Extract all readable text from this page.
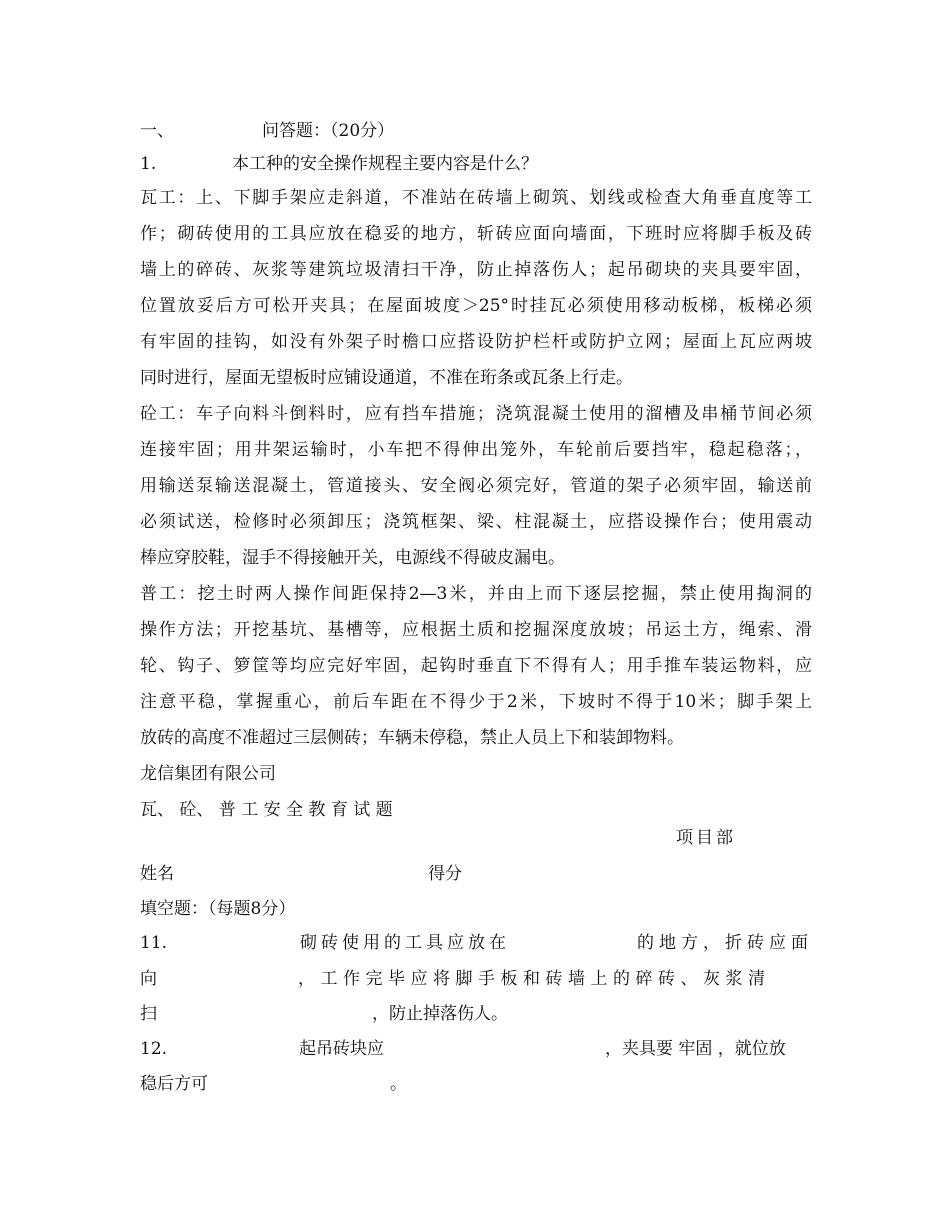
一、	问答题：（20分）
1.	本工种的安全操作规程主要内容是什么？
瓦工：上、下脚手架应走斜道，不准站在砖墙上砌筑、划线或检查大角垂直度等工
作；砌砖使用的工具应放在稳妥的地方，斩砖应面向墙面，下班时应将脚手板及砖
墙上的碎砖、灰浆等建筑垃圾清扫干净，防止掉落伤人；起吊砌块的夹具要牢固，
位置放妥后方可松开夹具；在屋面坡度＞25°时挂瓦必须使用移动板梯，板梯必须
有牢固的挂钩，如没有外架子时檐口应搭设防护栏杆或防护立网；屋面上瓦应两坡
同时进行，屋面无望板时应铺设通道，不准在珩条或瓦条上行走。
砼工：车子向料斗倒料时，应有挡车措施；浇筑混凝土使用的溜槽及串桶节间必须
连接牢固；用井架运输时，小车把不得伸出笼外，车轮前后要挡牢，稳起稳落；，
用输送泵输送混凝土，管道接头、安全阀必须完好，管道的架子必须牢固，输送前
必须试送，检修时必须卸压；浇筑框架、梁、柱混凝土，应搭设操作台；使用震动
棒应穿胶鞋，湿手不得接触开关，电源线不得破皮漏电。
普工：挖土时两人操作间距保持2—3米，并由上而下逐层挖掘，禁止使用掏洞的
操作方法；开挖基坑、基槽等，应根据土质和挖掘深度放坡；吊运土方，绳索、滑
轮、钩子、箩筐等均应完好牢固，起钩时垂直下不得有人；用手推车装运物料，应
注意平稳，掌握重心，前后车距在不得少于2米，下坡时不得于10米；脚手架上
放砖的高度不准超过三层侧砖；车辆未停稳，禁止人员上下和装卸物料。
龙信集团有限公司
瓦、 砼、 普 工 安 全 教 育 试 题
项目部
姓名	得分
填空题：（每题8分）
11.	砌砖使用的工具应放在	的地方，折砖应面
向	，工作完毕应将脚手板和砖墙上的碎砖、灰浆清
扫	，防止掉落伤人。
12.	起吊砖块应	，夹具要 牢固 ，就位放
稳后方可	。
